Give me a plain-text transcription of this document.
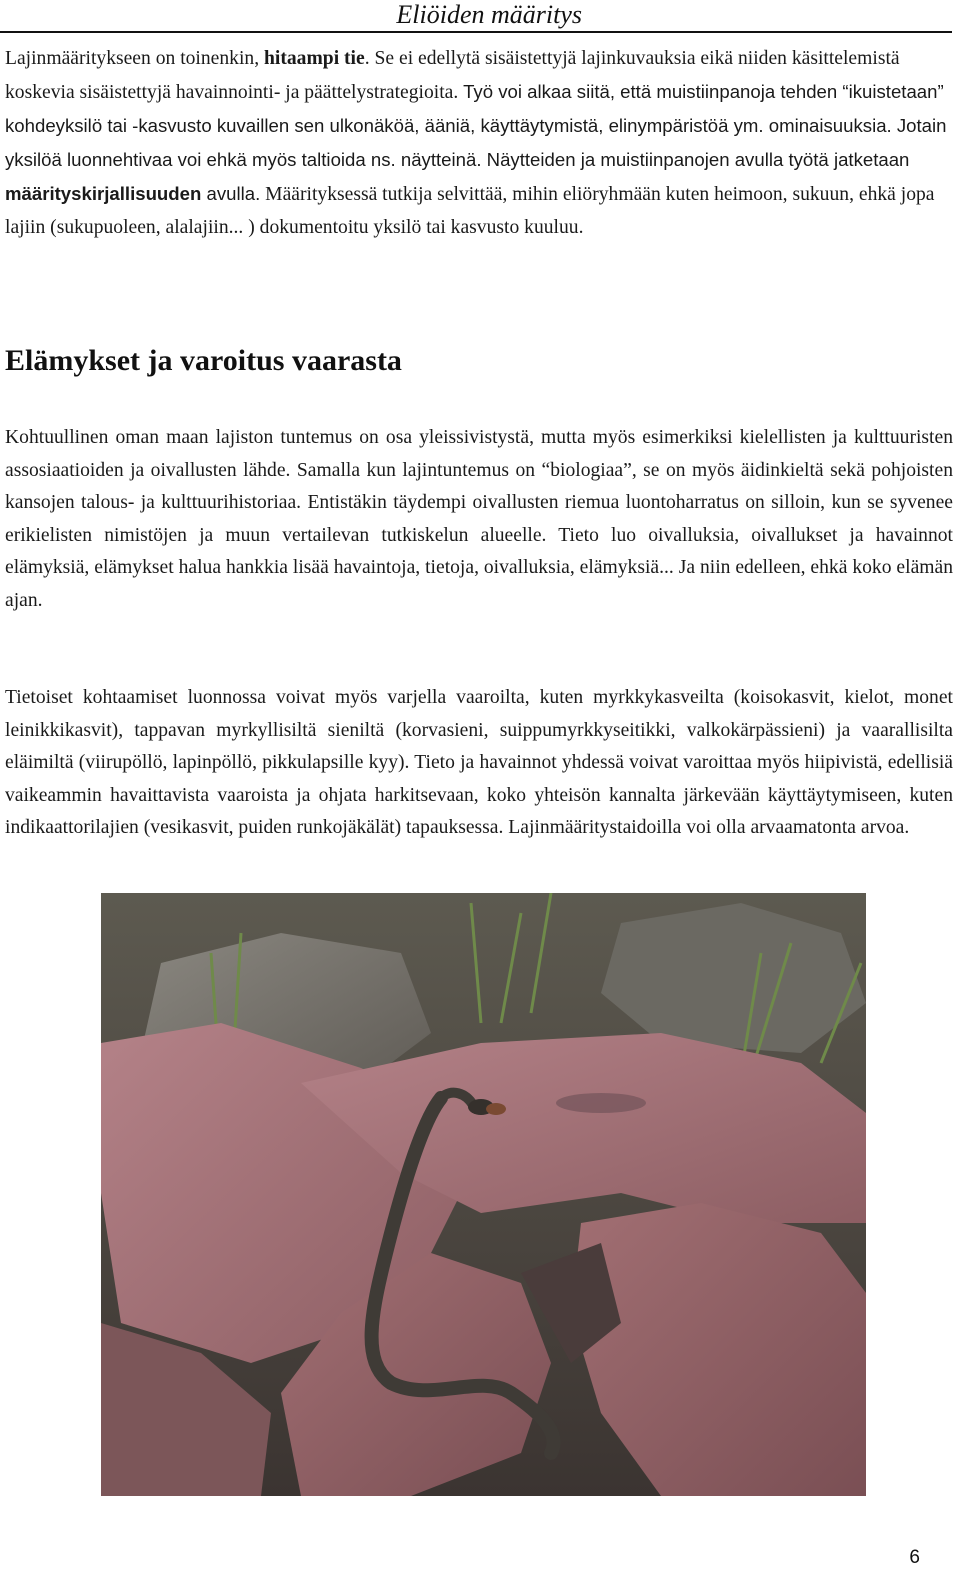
Eliöiden määritys
Lajinmääritykseen on toinenkin, hitaampi tie. Se ei edellytä sisäistettyjä lajinkuvauksia eikä niiden käsittelemistä koskevia sisäistettyjä havainnointi- ja päättelystrategioita. Työ voi alkaa siitä, että muistiinpanoja tehden “ikuistetaan” kohdeyksilö tai -kasvusto kuvaillen sen ulkonäköä, ääniä, käyttäytymistä, elinympäristöä ym. ominaisuuksia. Jotain yksilöä luonnehtivaa voi ehkä myös taltioida ns. näytteinä. Näytteiden ja muistiinpanojen avulla työtä jatketaan määrityskirjallisuuden avulla. Määrityksessä tutkija selvittää, mihin eliöryhmään kuten heimoon, sukuun, ehkä jopa lajiin (sukupuoleen, alalajiin... ) dokumentoitu yksilö tai kasvusto kuuluu.
Elämykset ja varoitus vaarasta
Kohtuullinen oman maan lajiston tuntemus on osa yleissivistystä, mutta myös esimerkiksi kielellisten ja kulttuuristen assosiaatioiden ja oivallusten lähde. Samalla kun lajintuntemus on “biologiaa”, se on myös äidinkieltä sekä pohjoisten kansojen talous- ja kulttuurihistoriaa. Entistäkin täydempi oivallusten riemua luontoharratus on silloin, kun se syvenee erikielisten nimistöjen ja muun vertailevan tutkiskelun alueelle. Tieto luo oivalluksia, oivallukset ja havainnot elämyksiä, elämykset halua hankkia lisää havaintoja, tietoja, oivalluksia, elämyksiä... Ja niin edelleen, ehkä koko elämän ajan.
Tietoiset kohtaamiset luonnossa voivat myös varjella vaaroilta, kuten myrkkykasveilta (koisokasvit, kielot, monet leinikkikasvit), tappavan myrkyllisiltä sieniltä (korvasieni, suippumyrkkyseitikki, valkokärpässieni) ja vaarallisilta eläimiltä (viirupöllö, lapinpöllö, pikkulapsille kyy). Tieto ja havainnot yhdessä voivat varoittaa myös hiipivistä, edellisiä vaikeammin havaittavista vaaroista ja ohjata harkitsevaan, koko yhteisön kannalta järkevään käyttäytymiseen, kuten indikaattorilajien (vesikasvit, puiden runkojäkälät) tapauksessa. Lajinmääritystaidoilla voi olla arvaamatonta arvoa.
6
